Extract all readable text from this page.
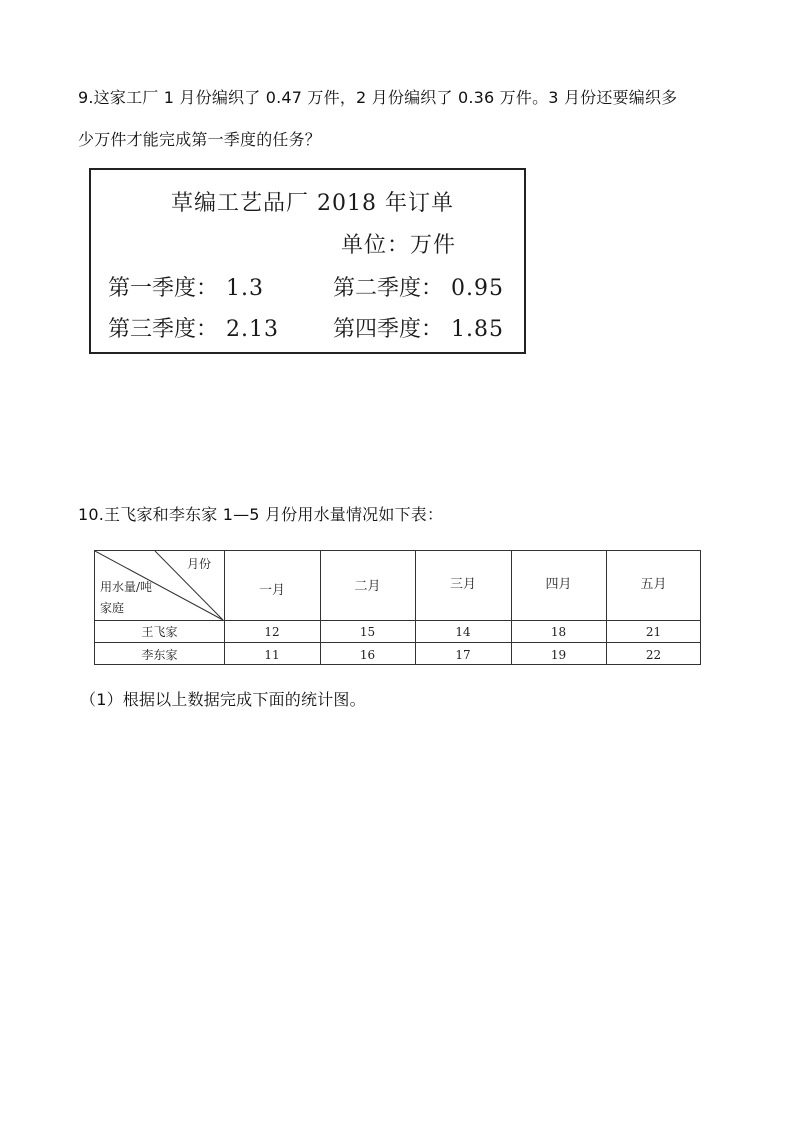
9.这家工厂 1 月份编织了 0.47 万件，2 月份编织了 0.36 万件。3 月份还要编织多
少万件才能完成第一季度的任务？
草编工艺品厂 2018 年订单
单位：万件
第一季度： 1.3	第二季度： 0.95
第三季度： 2.13 第四季度： 1.85
10.王飞家和李东家 1—5 月份用水量情况如下表：
月份
用水量/吨
家庭
一月	二月	三月	四月	五月
王飞家	12	15	14	18	21
李东家	11	16	17	19	22
（1）根据以上数据完成下面的统计图。
